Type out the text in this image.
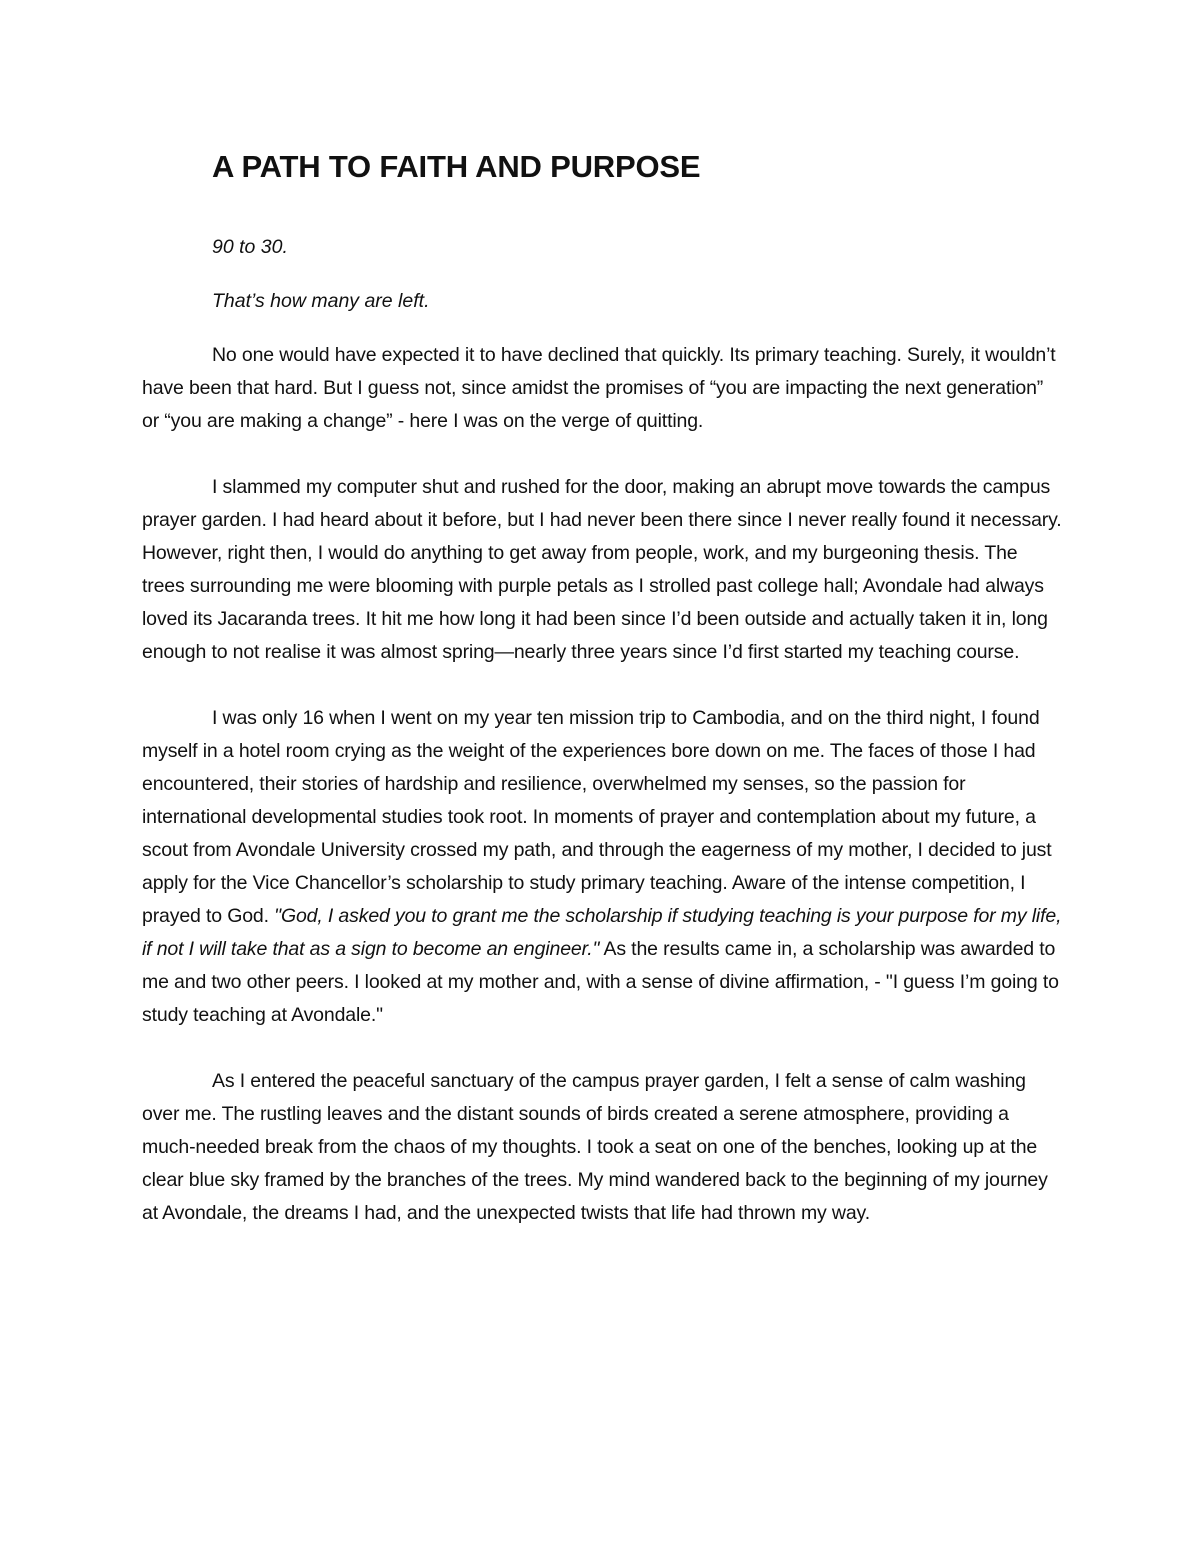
A PATH TO FAITH AND PURPOSE

90 to 30.

That’s how many are left.

No one would have expected it to have declined that quickly. Its primary teaching. Surely, it wouldn’t have been that hard. But I guess not, since amidst the promises of “you are impacting the next generation” or “you are making a change” - here I was on the verge of quitting.

I slammed my computer shut and rushed for the door, making an abrupt move towards the campus prayer garden. I had heard about it before, but I had never been there since I never really found it necessary. However, right then, I would do anything to get away from people, work, and my burgeoning thesis. The trees surrounding me were blooming with purple petals as I strolled past college hall; Avondale had always loved its Jacaranda trees. It hit me how long it had been since I’d been outside and actually taken it in, long enough to not realise it was almost spring—nearly three years since I’d first started my teaching course.

I was only 16 when I went on my year ten mission trip to Cambodia, and on the third night, I found myself in a hotel room crying as the weight of the experiences bore down on me. The faces of those I had encountered, their stories of hardship and resilience, overwhelmed my senses, so the passion for international developmental studies took root. In moments of prayer and contemplation about my future, a scout from Avondale University crossed my path, and through the eagerness of my mother, I decided to just apply for the Vice Chancellor’s scholarship to study primary teaching. Aware of the intense competition, I prayed to God. "God, I asked you to grant me the scholarship if studying teaching is your purpose for my life, if not I will take that as a sign to become an engineer." As the results came in, a scholarship was awarded to me and two other peers. I looked at my mother and, with a sense of divine affirmation, - "I guess I’m going to study teaching at Avondale."

As I entered the peaceful sanctuary of the campus prayer garden, I felt a sense of calm washing over me. The rustling leaves and the distant sounds of birds created a serene atmosphere, providing a much-needed break from the chaos of my thoughts. I took a seat on one of the benches, looking up at the clear blue sky framed by the branches of the trees. My mind wandered back to the beginning of my journey at Avondale, the dreams I had, and the unexpected twists that life had thrown my way.
